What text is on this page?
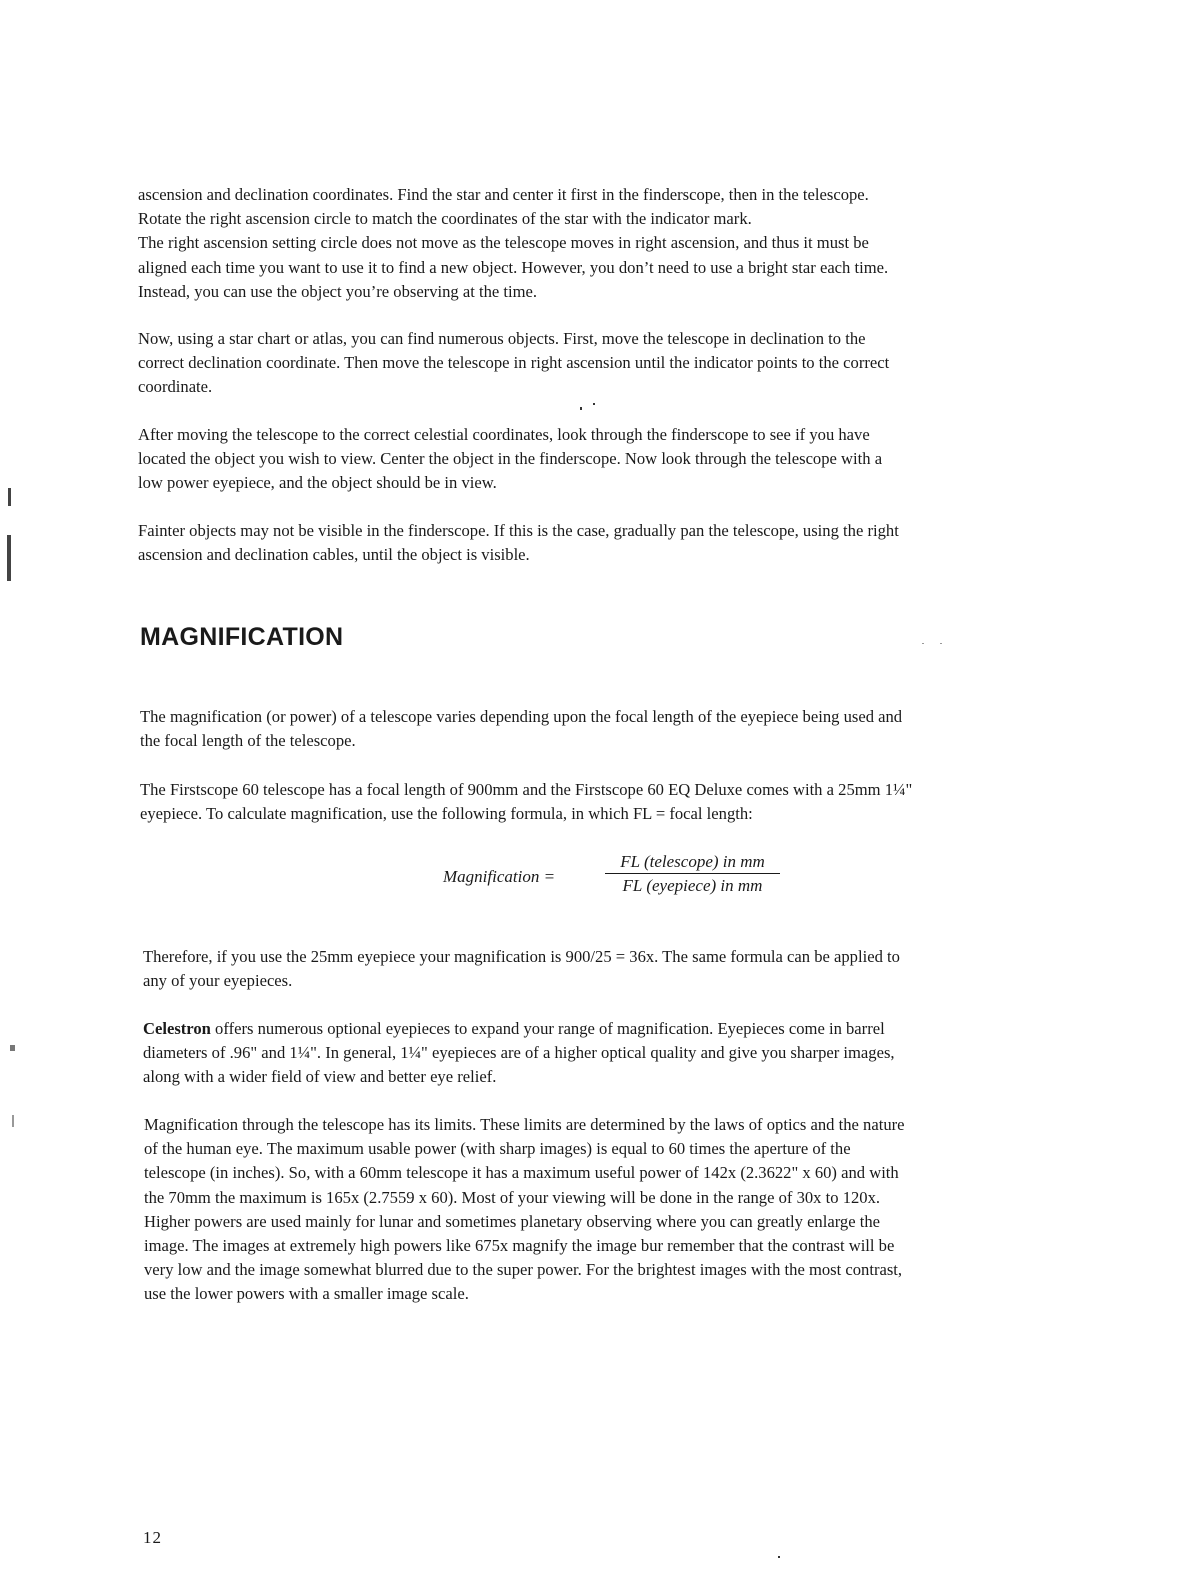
ascension and declination coordinates. Find the star and center it first in the finderscope, then in the telescope.
Rotate the right ascension circle to match the coordinates of the star with the indicator mark.
The right ascension setting circle does not move as the telescope moves in right ascension, and thus it must be
aligned each time you want to use it to find a new object. However, you don’t need to use a bright star each time.
Instead, you can use the object you’re observing at the time.

Now, using a star chart or atlas, you can find numerous objects. First, move the telescope in declination to the
correct declination coordinate. Then move the telescope in right ascension until the indicator points to the correct
coordinate.

After moving the telescope to the correct celestial coordinates, look through the finderscope to see if you have
located the object you wish to view. Center the object in the finderscope. Now look through the telescope with a
low power eyepiece, and the object should be in view.

Fainter objects may not be visible in the finderscope. If this is the case, gradually pan the telescope, using the right
ascension and declination cables, until the object is visible.

MAGNIFICATION

The magnification (or power) of a telescope varies depending upon the focal length of the eyepiece being used and
the focal length of the telescope.

The Firstscope 60 telescope has a focal length of 900mm and the Firstscope 60 EQ Deluxe comes with a 25mm 1¼"
eyepiece. To calculate magnification, use the following formula, in which FL = focal length:

Magnification =
FL (telescope) in mm
FL (eyepiece) in mm

Therefore, if you use the 25mm eyepiece your magnification is 900/25 = 36x. The same formula can be applied to
any of your eyepieces.

Celestron offers numerous optional eyepieces to expand your range of magnification. Eyepieces come in barrel
diameters of .96" and 1¼". In general, 1¼" eyepieces are of a higher optical quality and give you sharper images,
along with a wider field of view and better eye relief.

Magnification through the telescope has its limits. These limits are determined by the laws of optics and the nature
of the human eye. The maximum usable power (with sharp images) is equal to 60 times the aperture of the
telescope (in inches). So, with a 60mm telescope it has a maximum useful power of 142x (2.3622" x 60) and with
the 70mm the maximum is 165x (2.7559 x 60). Most of your viewing will be done in the range of 30x to 120x.
Higher powers are used mainly for lunar and sometimes planetary observing where you can greatly enlarge the
image. The images at extremely high powers like 675x magnify the image bur remember that the contrast will be
very low and the image somewhat blurred due to the super power. For the brightest images with the most contrast,
use the lower powers with a smaller image scale.

12
